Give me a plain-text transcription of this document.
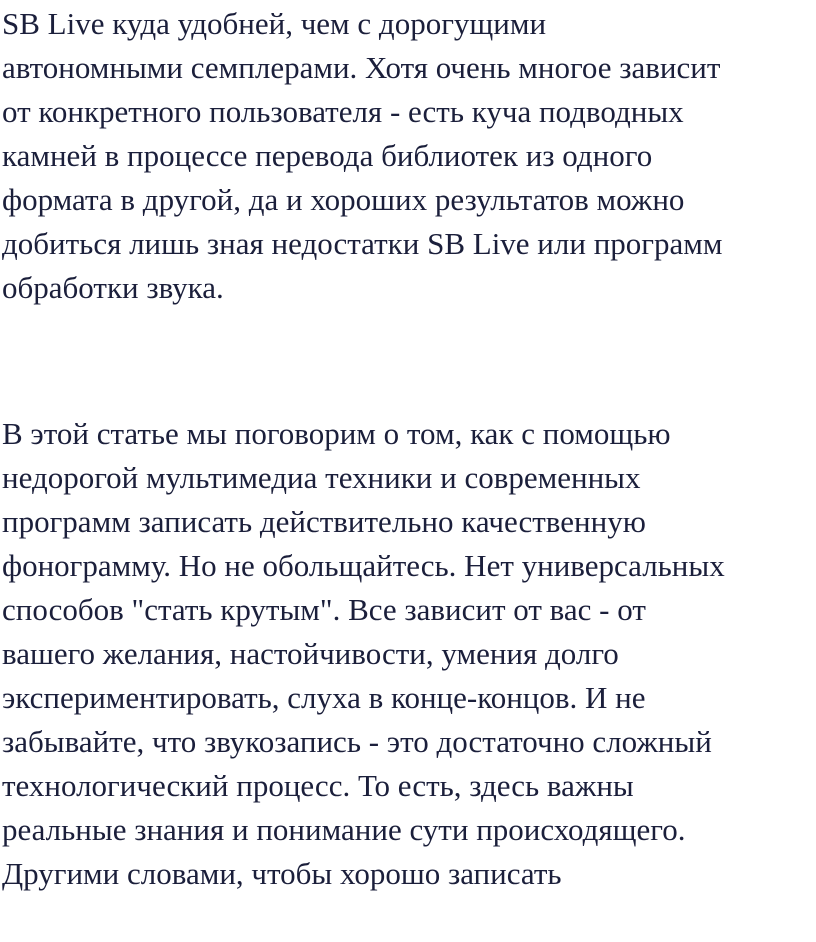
SB Live куда удобней, чем с дорогущими

автономными семплерами. Хотя очень многое зависит

от конкретного пользователя - есть куча подводных

камней в процессе перевода библиотек из одного

формата в другой, да и хороших результатов можно

добиться лишь зная недостатки SB Live или программ

обработки звука.

В этой статье мы поговорим о том, как с помощью

недорогой мультимедиа техники и современных

программ записать действительно качественную

фонограмму. Но не обольщайтесь. Нет универсальных

способов "стать крутым". Все зависит от вас - от

вашего желания, настойчивости, умения долго

экспериментировать, слуха в конце-концов. И не

забывайте, что звукозапись - это достаточно сложный

технологический процесс. То есть, здесь важны

реальные знания и понимание сути происходящего.

Другими словами, чтобы хорошо записать
